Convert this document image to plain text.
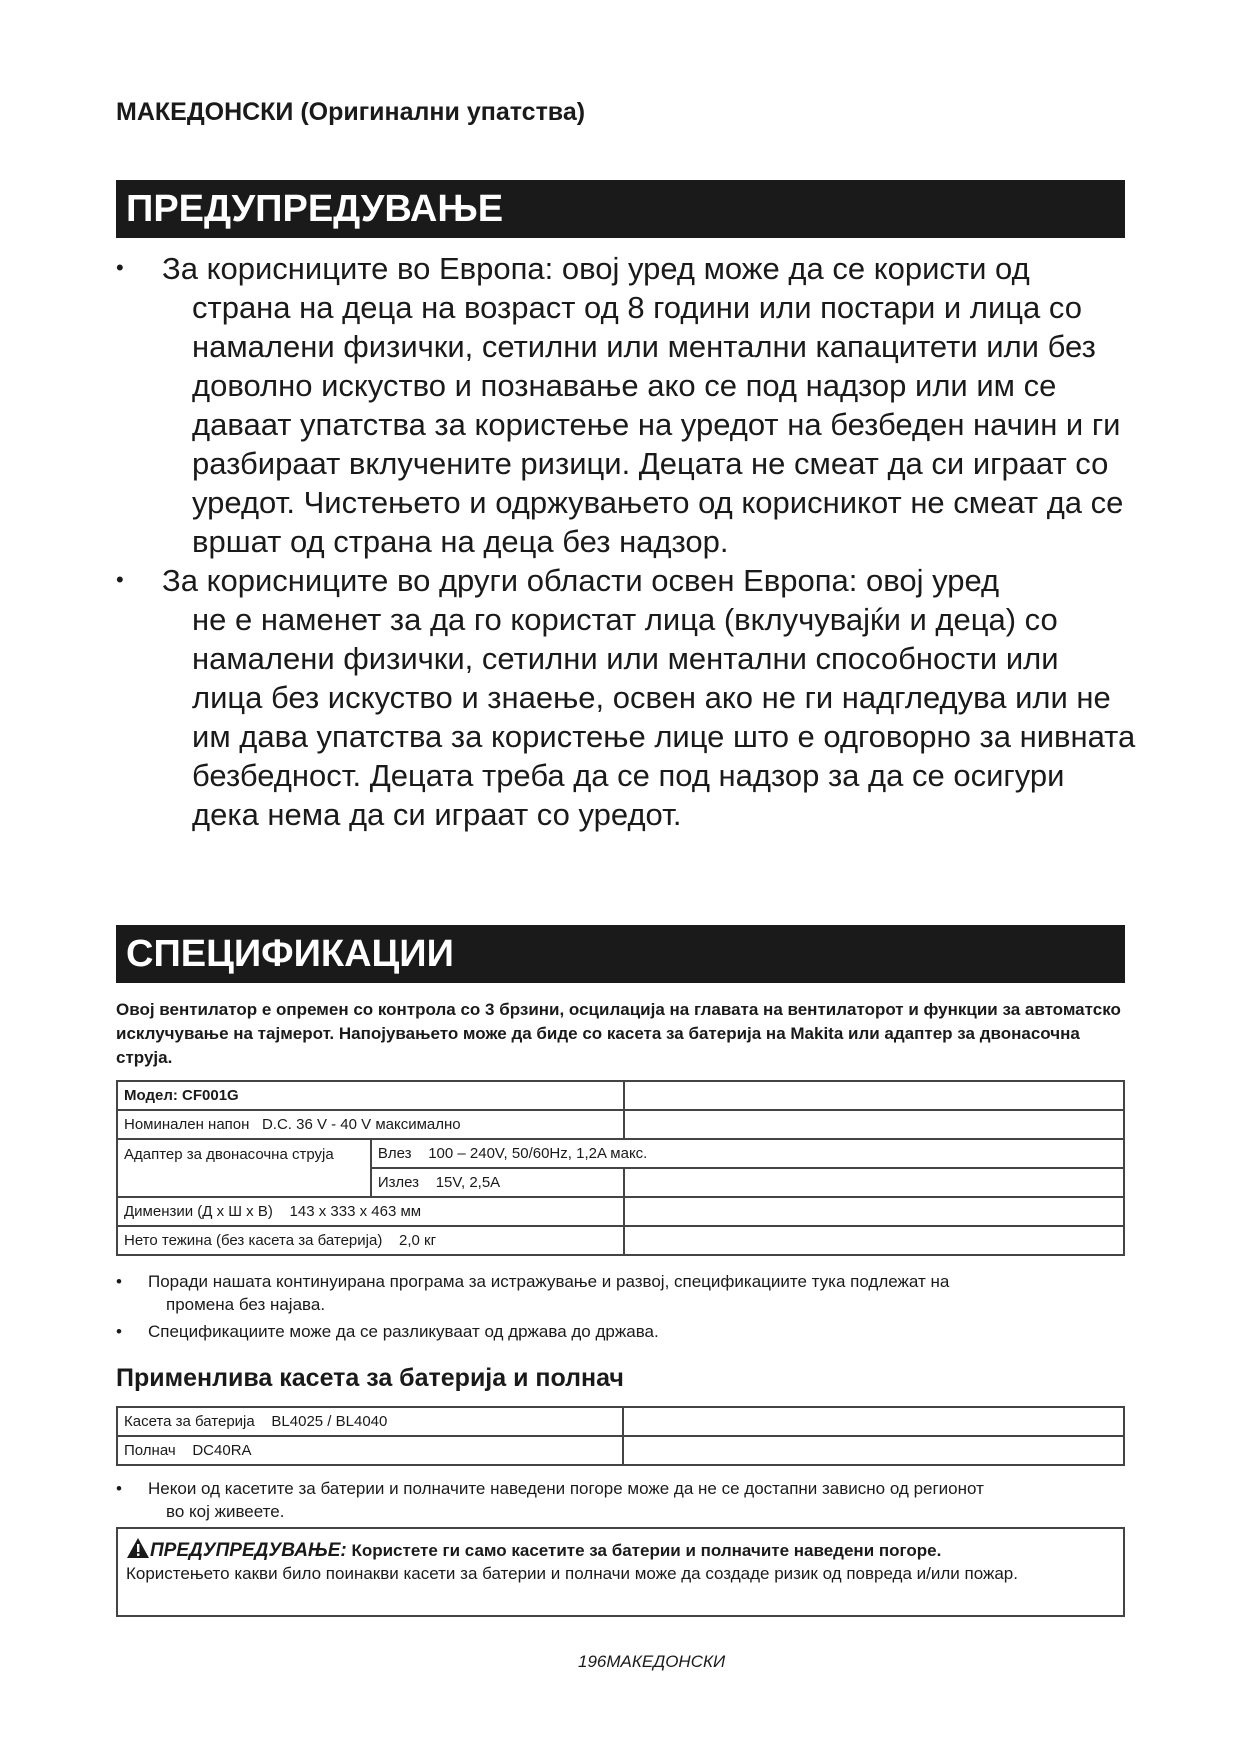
МАКЕДОНСКИ (Оригинални упатства)
ПРЕДУПРЕДУВАЊЕ
•	За корисниците во Европа: овој уред може да се користи од
страна на деца на возраст од 8 години или постари и лица со намалени физички, сетилни или ментални капацитети или без доволно искуство и познавање ако се под надзор или им се даваат упатства за користење на уредот на безбеден начин и ги разбираат вклучените ризици. Децата не смеат да си играат со уредот. Чистењето и одржувањето од корисникот не смеат да се вршат од страна на деца без надзор.
•	За корисниците во други области освен Европа: овој уред
не е наменет за да го користат лица (вклучувајќи и деца) со намалени физички, сетилни или ментални способности или лица без искуство и знаење, освен ако не ги надгледува или не им дава упатства за користење лице што е одговорно за нивната безбедност. Децата треба да се под надзор за да се осигури дека нема да си играат со уредот.
СПЕЦИФИКАЦИИ
Овој вентилатор е опремен со контрола со 3 брзини, осцилација на главата на вентилаторот и функции за автоматско исклучување на тајмерот. Напојувањето може да биде со касета за батерија на Makita или адаптер за двонасочна струја.
Модел: CF001G		
Номинален напон D.C. 36 V - 40 V максимално		
Адаптер за двонасочна струја	Влез 100 – 240V, 50/60Hz, 1,2A макс.	
	Излез 15V, 2,5A	
Димензии (Д x Ш x В) 143 x 333 x 463 мм		
Нето тежина (без касета за батерија) 2,0 кг		
• Поради нашата континуирана програма за истражување и развој, спецификациите тука подлежат на
промена без најава.
• Спецификациите може да се разликуваат од држава до држава.
Применлива касета за батерија и полнач
Касета за батерија BL4025 / BL4040	
Полнач DC40RA	
• Некои од касетите за батерии и полначите наведени погоре може да не се достапни зависно од регионот
во кој живеете.
ПРЕДУПРЕДУВАЊЕ: Користете ги само касетите за батерии и полначите наведени погоре.
Користењето какви било поинакви касети за батерии и полначи може да создаде ризик од повреда и/или пожар.
196МАКЕДОНСКИ
